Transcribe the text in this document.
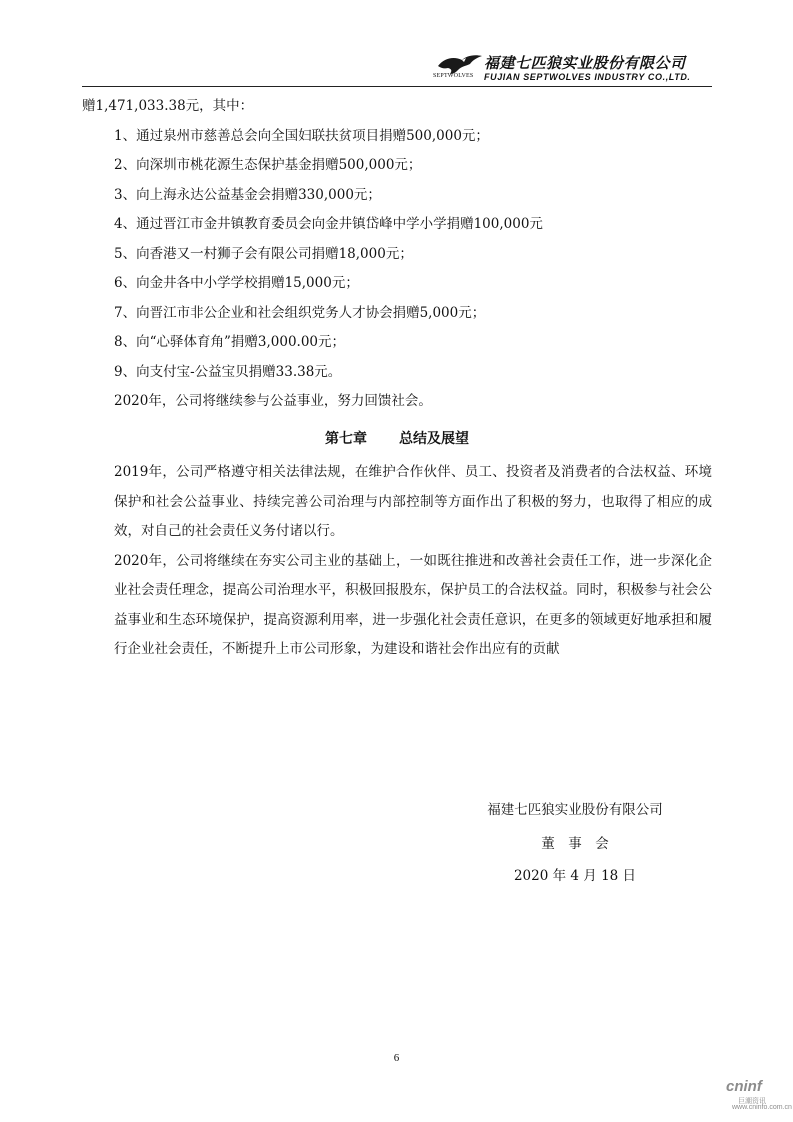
SEPTWOLVES
福建七匹狼实业股份有限公司
FUJIAN SEPTWOLVES INDUSTRY CO.,LTD.
赠1,471,033.38元，其中：
1、通过泉州市慈善总会向全国妇联扶贫项目捐赠500,000元；
2、向深圳市桃花源生态保护基金捐赠500,000元；
3、向上海永达公益基金会捐赠330,000元；
4、通过晋江市金井镇教育委员会向金井镇岱峰中学小学捐赠100,000元
5、向香港又一村狮子会有限公司捐赠18,000元；
6、向金井各中小学学校捐赠15,000元；
7、向晋江市非公企业和社会组织党务人才协会捐赠5,000元；
8、向“心驿体育角”捐赠3,000.00元；
9、向支付宝-公益宝贝捐赠33.38元。
2020年，公司将继续参与公益事业，努力回馈社会。
第七章 总结及展望
2019年，公司严格遵守相关法律法规，在维护合作伙伴、员工、投资者及消费者的合法权益、环境保护和社会公益事业、持续完善公司治理与内部控制等方面作出了积极的努力，也取得了相应的成效，对自己的社会责任义务付诸以行。
2020年，公司将继续在夯实公司主业的基础上，一如既往推进和改善社会责任工作，进一步深化企业社会责任理念，提高公司治理水平，积极回报股东，保护员工的合法权益。同时，积极参与社会公益事业和生态环境保护，提高资源利用率，进一步强化社会责任意识，在更多的领域更好地承担和履行企业社会责任，不断提升上市公司形象，为建设和谐社会作出应有的贡献
福建七匹狼实业股份有限公司
董　事　会
2020 年 4 月 18 日
6
cninf
巨潮资讯
www.cninfo.com.cn
